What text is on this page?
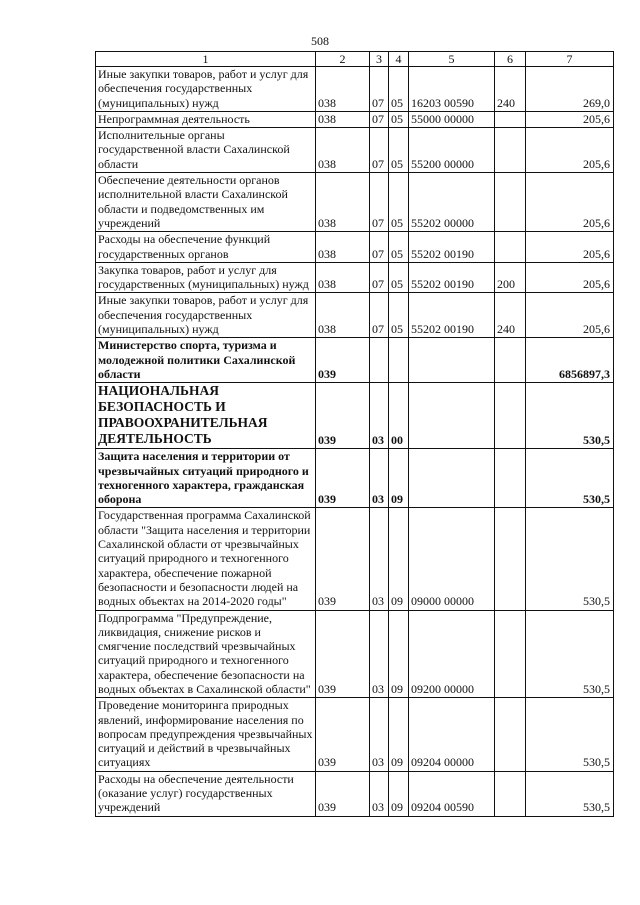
508
1	2	3	4	5	6	7
Иные закупки товаров, работ и услуг для обеспечения государственных (муниципальных) нужд	038	07	05	16203 00590	240	269,0
Непрограммная деятельность	038	07	05	55000 00000		205,6
Исполнительные органы государственной власти Сахалинской области	038	07	05	55200 00000		205,6
Обеспечение деятельности органов исполнительной власти Сахалинской области и подведомственных им учреждений	038	07	05	55202 00000		205,6
Расходы на обеспечение функций государственных органов	038	07	05	55202 00190		205,6
Закупка товаров, работ и услуг для государственных (муниципальных) нужд	038	07	05	55202 00190	200	205,6
Иные закупки товаров, работ и услуг для обеспечения государственных (муниципальных) нужд	038	07	05	55202 00190	240	205,6
Министерство спорта, туризма и молодежной политики Сахалинской области	039					6856897,3
НАЦИОНАЛЬНАЯ БЕЗОПАСНОСТЬ И ПРАВООХРАНИТЕЛЬНАЯ ДЕЯТЕЛЬНОСТЬ	039	03	00			530,5
Защита населения и территории от чрезвычайных ситуаций природного и техногенного характера, гражданская оборона	039	03	09			530,5
Государственная программа Сахалинской области "Защита населения и территории Сахалинской области от чрезвычайных ситуаций природного и техногенного характера, обеспечение пожарной безопасности и безопасности людей на водных объектах на 2014-2020 годы"	039	03	09	09000 00000		530,5
Подпрограмма "Предупреждение, ликвидация, снижение рисков и смягчение последствий чрезвычайных ситуаций природного и техногенного характера, обеспечение безопасности на водных объектах в Сахалинской области"	039	03	09	09200 00000		530,5
Проведение мониторинга природных явлений, информирование населения по вопросам предупреждения чрезвычайных ситуаций и действий в чрезвычайных ситуациях	039	03	09	09204 00000		530,5
Расходы на обеспечение деятельности (оказание услуг) государственных учреждений	039	03	09	09204 00590		530,5
